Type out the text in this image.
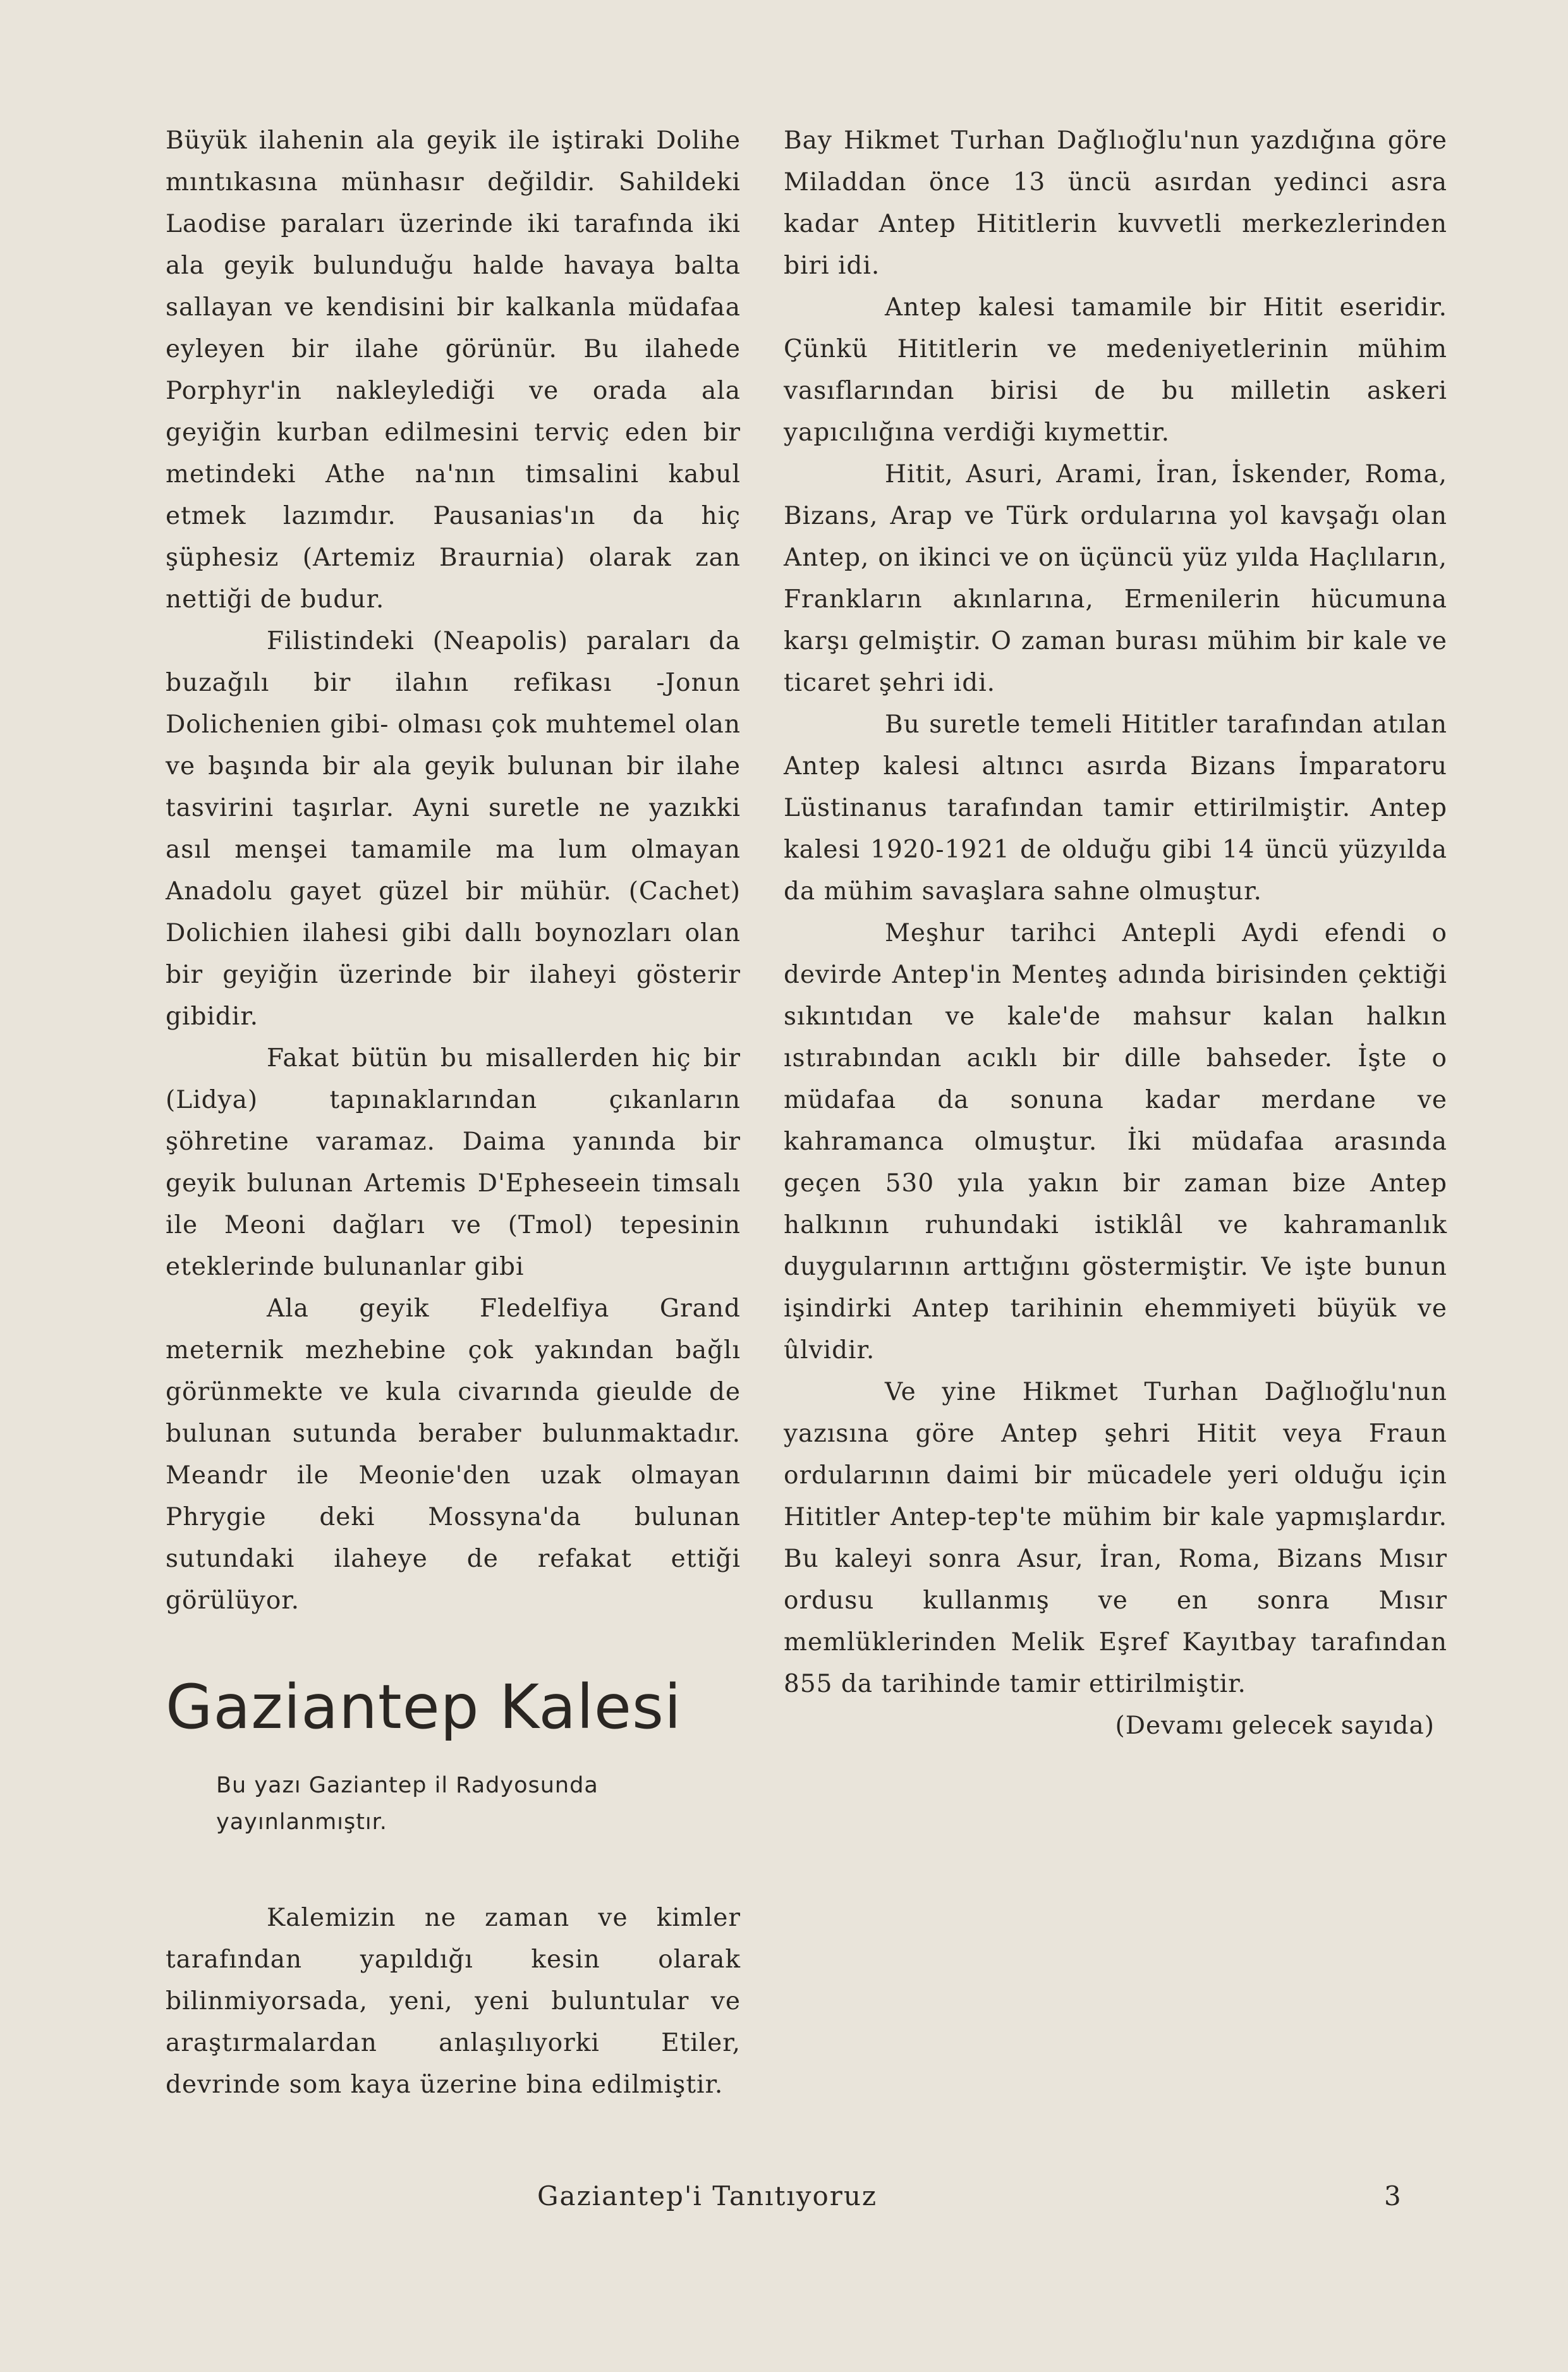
Büyük ilahenin ala geyik ile iştiraki Dolihe mıntıkasına münhasır değildir. Sahildeki Laodise paraları üzerinde iki tarafında iki ala geyik bulunduğu halde havaya balta sallayan ve kendisini bir kalkanla müdafaa eyleyen bir ilahe görünür. Bu ilahede Porphyr'in nakleylediği ve orada ala geyiğin kurban edilmesini terviç eden bir metindeki Athe na'nın timsalini kabul etmek lazımdır. Pausanias'ın da hiç şüphesiz (Artemiz Braurnia) olarak zan nettiği de budur.

Filistindeki (Neapolis) paraları da buzağılı bir ilahın refikası -Jonun Dolichenien gibi- olması çok muhtemel olan ve başında bir ala geyik bulunan bir ilahe tasvirini taşırlar. Ayni suretle ne yazıkki asıl menşei tamamile ma lum olmayan Anadolu gayet güzel bir mühür. (Cachet) Dolichien ilahesi gibi dallı boynozları olan bir geyiğin üzerinde bir ilaheyi gösterir gibidir.

Fakat bütün bu misallerden hiç bir (Lidya) tapınaklarından çıkanların şöhretine varamaz. Daima yanında bir geyik bulunan Artemis D'Epheseein timsalı ile Meoni dağları ve (Tmol) tepesinin eteklerinde bulunanlar gibi

Ala geyik Fledelfiya Grand meternik mezhebine çok yakından bağlı görünmekte ve kula civarında gieulde de bulunan sutunda beraber bulunmaktadır. Meandr ile Meonie'den uzak olmayan Phrygie deki Mossyna'da bulunan sutundaki ilaheye de refakat ettiği görülüyor.

Gaziantep Kalesi
Bu yazı Gaziantep il Radyosunda yayınlanmıştır.

Kalemizin ne zaman ve kimler tarafından yapıldığı kesin olarak bilinmiyorsada, yeni, yeni buluntular ve araştırmalardan anlaşılıyorki Etiler, devrinde som kaya üzerine bina edilmiştir.

Bay Hikmet Turhan Dağlıoğlu'nun yazdığına göre Miladdan önce 13 üncü asırdan yedinci asra kadar Antep Hititlerin kuvvetli merkezlerinden biri idi.

Antep kalesi tamamile bir Hitit eseridir. Çünkü Hititlerin ve medeniyetlerinin mühim vasıflarından birisi de bu milletin askeri yapıcılığına verdiği kıymettir.

Hitit, Asuri, Arami, İran, İskender, Roma, Bizans, Arap ve Türk ordularına yol kavşağı olan Antep, on ikinci ve on üçüncü yüz yılda Haçlıların, Frankların akınlarına, Ermenilerin hücumuna karşı gelmiştir. O zaman burası mühim bir kale ve ticaret şehri idi.

Bu suretle temeli Hititler tarafından atılan Antep kalesi altıncı asırda Bizans İmparatoru Lüstinanus tarafından tamir ettirilmiştir. Antep kalesi 1920-1921 de olduğu gibi 14 üncü yüzyılda da mühim savaşlara sahne olmuştur.

Meşhur tarihci Antepli Aydi efendi o devirde Antep'in Menteş adında birisinden çektiği sıkıntıdan ve kale'de mahsur kalan halkın ıstırabından acıklı bir dille bahseder. İşte o müdafaa da sonuna kadar merdane ve kahramanca olmuştur. İki müdafaa arasında geçen 530 yıla yakın bir zaman bize Antep halkının ruhundaki istiklâl ve kahramanlık duygularının arttığını göstermiştir. Ve işte bunun işindirki Antep tarihinin ehemmiyeti büyük ve ûlvidir.

Ve yine Hikmet Turhan Dağlıoğlu'nun yazısına göre Antep şehri Hitit veya Fraun ordularının daimi bir mücadele yeri olduğu için Hititler Antep-tep'te mühim bir kale yapmışlardır. Bu kaleyi sonra Asur, İran, Roma, Bizans Mısır ordusu kullanmış ve en sonra Mısır memlüklerinden Melik Eşref Kayıtbay tarafından 855 da tarihinde tamir ettirilmiştir.

(Devamı gelecek sayıda)

Gaziantep'i Tanıtıyoruz	3
